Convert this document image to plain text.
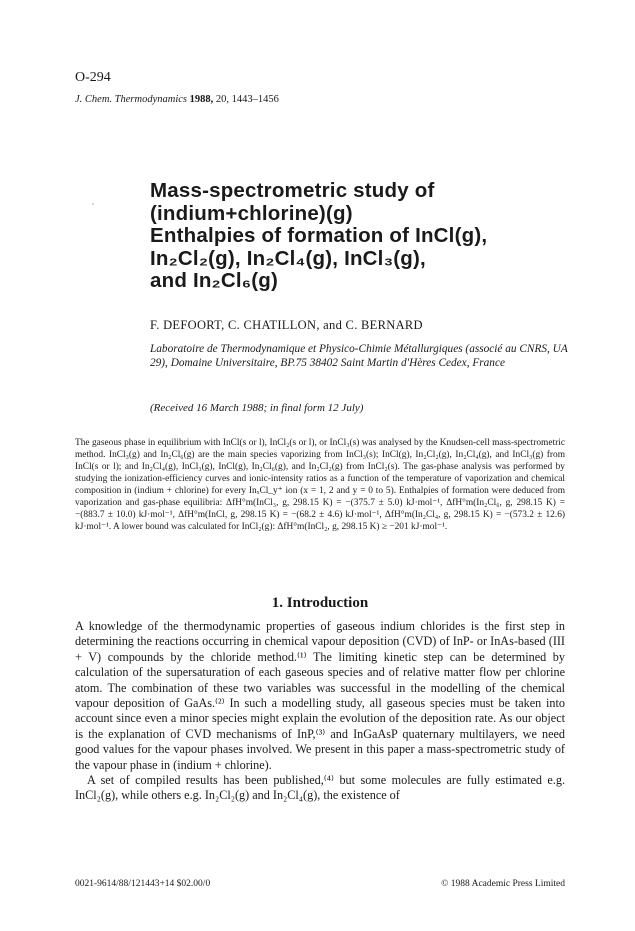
O-294
J. Chem. Thermodynamics 1988, 20, 1443–1456
Mass-spectrometric study of
(indium+chlorine)(g)
Enthalpies of formation of InCl(g),
In₂Cl₂(g), In₂Cl₄(g), InCl₃(g),
and In₂Cl₆(g)
F. DEFOORT, C. CHATILLON, and C. BERNARD
Laboratoire de Thermodynamique et Physico-Chimie Métallurgiques (associé au CNRS, UA 29), Domaine Universitaire, BP.75 38402 Saint Martin d'Hères Cedex, France
(Received 16 March 1988; in final form 12 July)
The gaseous phase in equilibrium with InCl(s or l), InCl₂(s or l), or InCl₃(s) was analysed by the Knudsen-cell mass-spectrometric method. InCl₃(g) and In₂Cl₆(g) are the main species vaporizing from InCl₃(s); InCl(g), In₂Cl₂(g), In₂Cl₄(g), and InCl₃(g) from InCl(s or l); and In₂Cl₄(g), InCl₃(g), InCl(g), In₂Cl₆(g), and In₂Cl₂(g) from InCl₂(s). The gas-phase analysis was performed by studying the ionization-efficiency curves and ionic-intensity ratios as a function of the temperature of vaporization and chemical composition in (indium + chlorine) for every InₓCl_y⁺ ion (x = 1, 2 and y = 0 to 5). Enthalpies of formation were deduced from vaporization and gas-phase equilibria: ΔfH°m(InCl₃, g, 298.15 K) = −(375.7 ± 5.0) kJ·mol⁻¹, ΔfH°m(In₂Cl₆, g, 298.15 K) = −(883.7 ± 10.0) kJ·mol⁻¹, ΔfH°m(InCl, g, 298.15 K) = −(68.2 ± 4.6) kJ·mol⁻¹, ΔfH°m(In₂Cl₄, g, 298.15 K) = −(573.2 ± 12.6) kJ·mol⁻¹. A lower bound was calculated for InCl₂(g): ΔfH°m(InCl₂, g, 298.15 K) ≥ −201 kJ·mol⁻¹.
1. Introduction

A knowledge of the thermodynamic properties of gaseous indium chlorides is the first step in determining the reactions occurring in chemical vapour deposition (CVD) of InP- or InAs-based (III + V) compounds by the chloride method.⁽¹⁾ The limiting kinetic step can be determined by calculation of the supersaturation of each gaseous species and of relative matter flow per chlorine atom. The combination of these two variables was successful in the modelling of the chemical vapour deposition of GaAs.⁽²⁾ In such a modelling study, all gaseous species must be taken into account since even a minor species might explain the evolution of the deposition rate. As our object is the explanation of CVD mechanisms of InP,⁽³⁾ and InGaAsP quaternary multilayers, we need good values for the vapour phases involved. We present in this paper a mass-spectrometric study of the vapour phase in (indium + chlorine).

A set of compiled results has been published,⁽⁴⁾ but some molecules are fully estimated e.g. InCl₂(g), while others e.g. In₂Cl₂(g) and In₂Cl₄(g), the existence of

0021-9614/88/121443+14 $02.00/0	© 1988 Academic Press Limited
